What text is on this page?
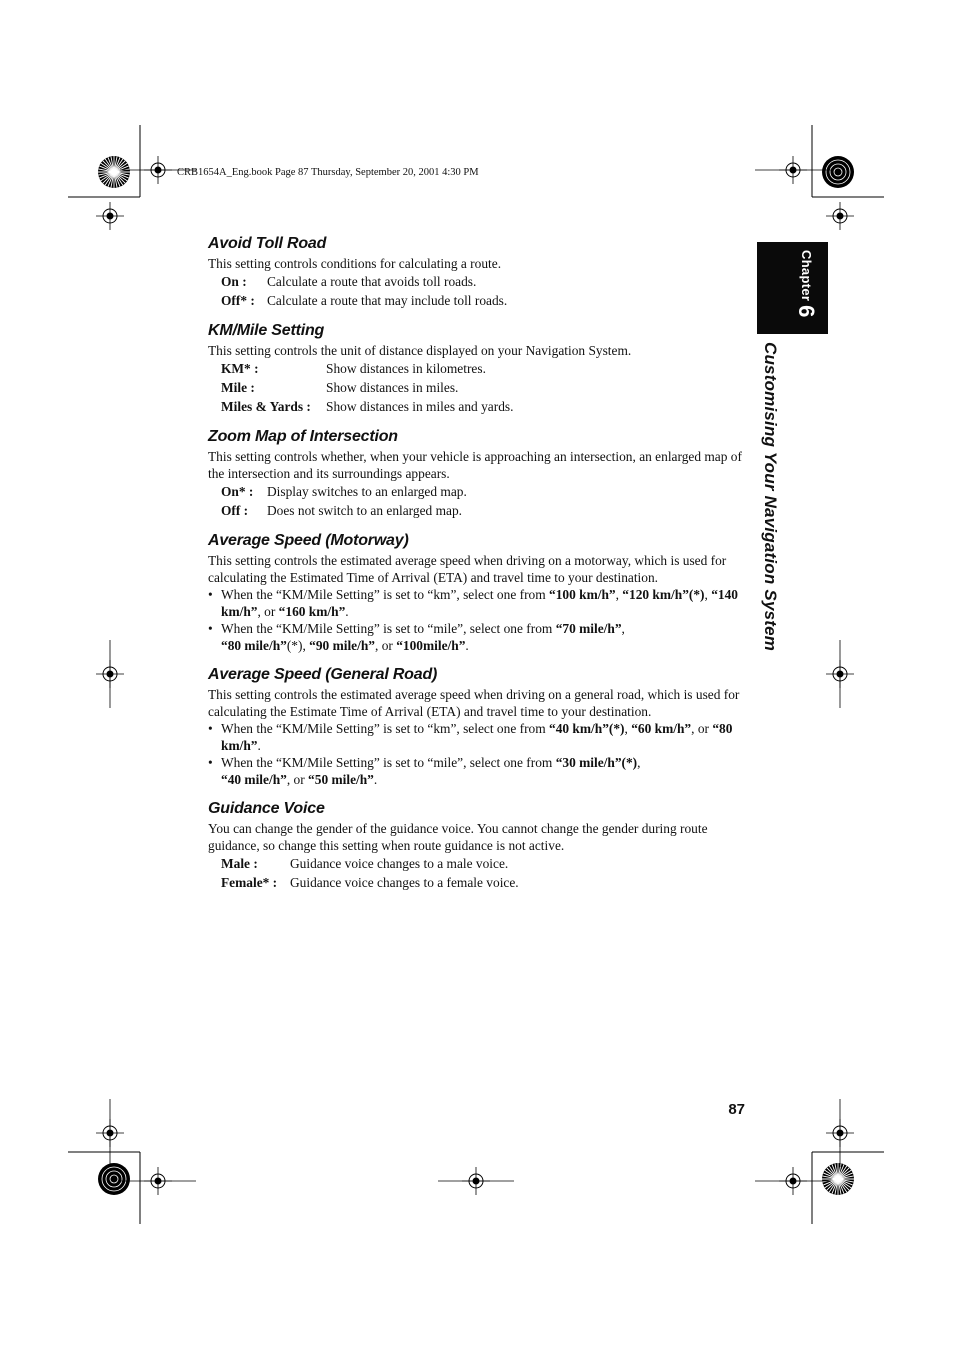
CRB1654A_Eng.book Page 87 Thursday, September 20, 2001 4:30 PM
Chapter 6
Customising Your Navigation System
Avoid Toll Road

This setting controls conditions for calculating a route.

On :	Calculate a route that avoids toll roads.
Off* : Calculate a route that may include toll roads.
KM/Mile Setting

This setting controls the unit of distance displayed on your Navigation System.

KM* :	Show distances in kilometres.
Mile :	Show distances in miles.
Miles & Yards :	Show distances in miles and yards.
Zoom Map of Intersection

This setting controls whether, when your vehicle is approaching an intersection, an enlarged map of the intersection and its surroundings appears.

On* :	Display switches to an enlarged map.
Off :	Does not switch to an enlarged map.
Average Speed (Motorway)

This setting controls the estimated average speed when driving on a motorway, which is used for calculating the Estimated Time of Arrival (ETA) and travel time to your destination.

• When the “KM/Mile Setting” is set to “km”, select one from “100 km/h”, “120 km/h”(*), “140 km/h”, or “160 km/h”.
• When the “KM/Mile Setting” is set to “mile”, select one from “70 mile/h”,
“80 mile/h”(*), “90 mile/h”, or “100mile/h”.
Average Speed (General Road)

This setting controls the estimated average speed when driving on a general road, which is used for calculating the Estimate Time of Arrival (ETA) and travel time to your destination.

• When the “KM/Mile Setting” is set to “km”, select one from “40 km/h”(*), “60 km/h”, or “80 km/h”.
• When the “KM/Mile Setting” is set to “mile”, select one from “30 mile/h”(*),
“40 mile/h”, or “50 mile/h”.
Guidance Voice

You can change the gender of the guidance voice. You cannot change the gender during route guidance, so change this setting when route guidance is not active.

Male :	Guidance voice changes to a male voice.
Female* : Guidance voice changes to a female voice.
87
